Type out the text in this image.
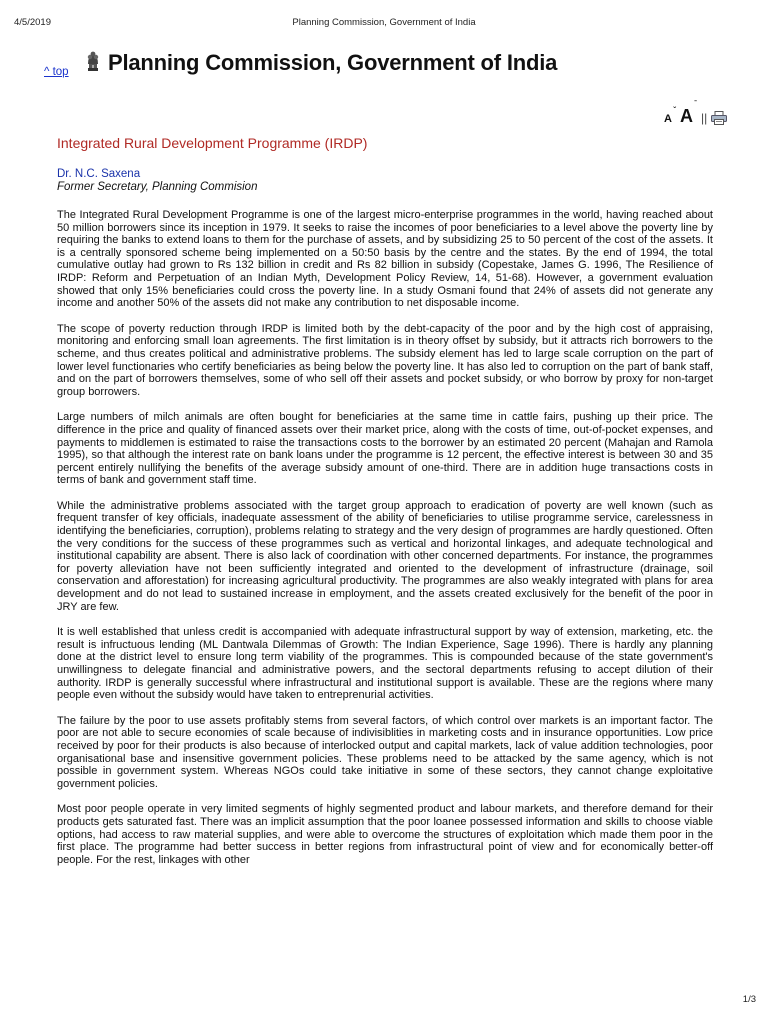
4/5/2019	Planning Commission, Government of India
^ top Planning Commission, Government of India
A
ˇ A
ˉ
||
Integrated Rural Development Programme (IRDP)
Dr. N.C. Saxena
Former Secretary, Planning Commision

The Integrated Rural Development Programme is one of the largest micro-enterprise programmes in the world, having reached about 50 million borrowers since its inception in 1979. It seeks to raise the incomes of poor beneficiaries to a level above the poverty line by requiring the banks to extend loans to them for the purchase of assets, and by subsidizing 25 to 50 percent of the cost of the assets. It is a centrally sponsored scheme being implemented on a 50:50 basis by the centre and the states. By the end of 1994, the total cumulative outlay had grown to Rs 132 billion in credit and Rs 82 billion in subsidy (Copestake, James G. 1996, The Resilience of IRDP: Reform and Perpetuation of an Indian Myth, Development Policy Review, 14, 51-68). However, a government evaluation showed that only 15% beneficiaries could cross the poverty line. In a study Osmani found that 24% of assets did not generate any income and another 50% of the assets did not make any contribution to net disposable income.

The scope of poverty reduction through IRDP is limited both by the debt-capacity of the poor and by the high cost of appraising, monitoring and enforcing small loan agreements. The first limitation is in theory offset by subsidy, but it attracts rich borrowers to the scheme, and thus creates political and administrative problems. The subsidy element has led to large scale corruption on the part of lower level functionaries who certify beneficiaries as being below the poverty line. It has also led to corruption on the part of bank staff, and on the part of borrowers themselves, some of who sell off their assets and pocket subsidy, or who borrow by proxy for non-target group borrowers.

Large numbers of milch animals are often bought for beneficiaries at the same time in cattle fairs, pushing up their price. The difference in the price and quality of financed assets over their market price, along with the costs of time, out-of-pocket expenses, and payments to middlemen is estimated to raise the transactions costs to the borrower by an estimated 20 percent (Mahajan and Ramola 1995), so that although the interest rate on bank loans under the programme is 12 percent, the effective interest is between 30 and 35 percent entirely nullifying the benefits of the average subsidy amount of one-third. There are in addition huge transactions costs in terms of bank and government staff time.

While the administrative problems associated with the target group approach to eradication of poverty are well known (such as frequent transfer of key officials, inadequate assessment of the ability of beneficiaries to utilise programme service, carelessness in identifying the beneficiaries, corruption), problems relating to strategy and the very design of programmes are hardly questioned. Often the very conditions for the success of these programmes such as vertical and horizontal linkages, and adequate technological and institutional capability are absent. There is also lack of coordination with other concerned departments. For instance, the programmes for poverty alleviation have not been sufficiently integrated and oriented to the development of infrastructure (drainage, soil conservation and afforestation) for increasing agricultural productivity. The programmes are also weakly integrated with plans for area development and do not lead to sustained increase in employment, and the assets created exclusively for the benefit of the poor in JRY are few.

It is well established that unless credit is accompanied with adequate infrastructural support by way of extension, marketing, etc. the result is infructuous lending (ML Dantwala Dilemmas of Growth: The Indian Experience, Sage 1996). There is hardly any planning done at the district level to ensure long term viability of the programmes. This is compounded because of the state government's unwillingness to delegate financial and administrative powers, and the sectoral departments refusing to accept dilution of their authority. IRDP is generally successful where infrastructural and institutional support is available. These are the regions where many people even without the subsidy would have taken to entreprenurial activities.

The failure by the poor to use assets profitably stems from several factors, of which control over markets is an important factor. The poor are not able to secure economies of scale because of indivisiblities in marketing costs and in insurance opportunities. Low price received by poor for their products is also because of interlocked output and capital markets, lack of value addition technologies, poor organisational base and insensitive government policies. These problems need to be attacked by the same agency, which is not possible in government system. Whereas NGOs could take initiative in some of these sectors, they cannot change exploitative government policies.

Most poor people operate in very limited segments of highly segmented product and labour markets, and therefore demand for their products gets saturated fast. There was an implicit assumption that the poor loanee possessed information and skills to choose viable options, had access to raw material supplies, and were able to overcome the structures of exploitation which made them poor in the first place. The programme had better success in better regions from infrastructural point of view and for economically better-off people. For the rest, linkages with other

1/3
